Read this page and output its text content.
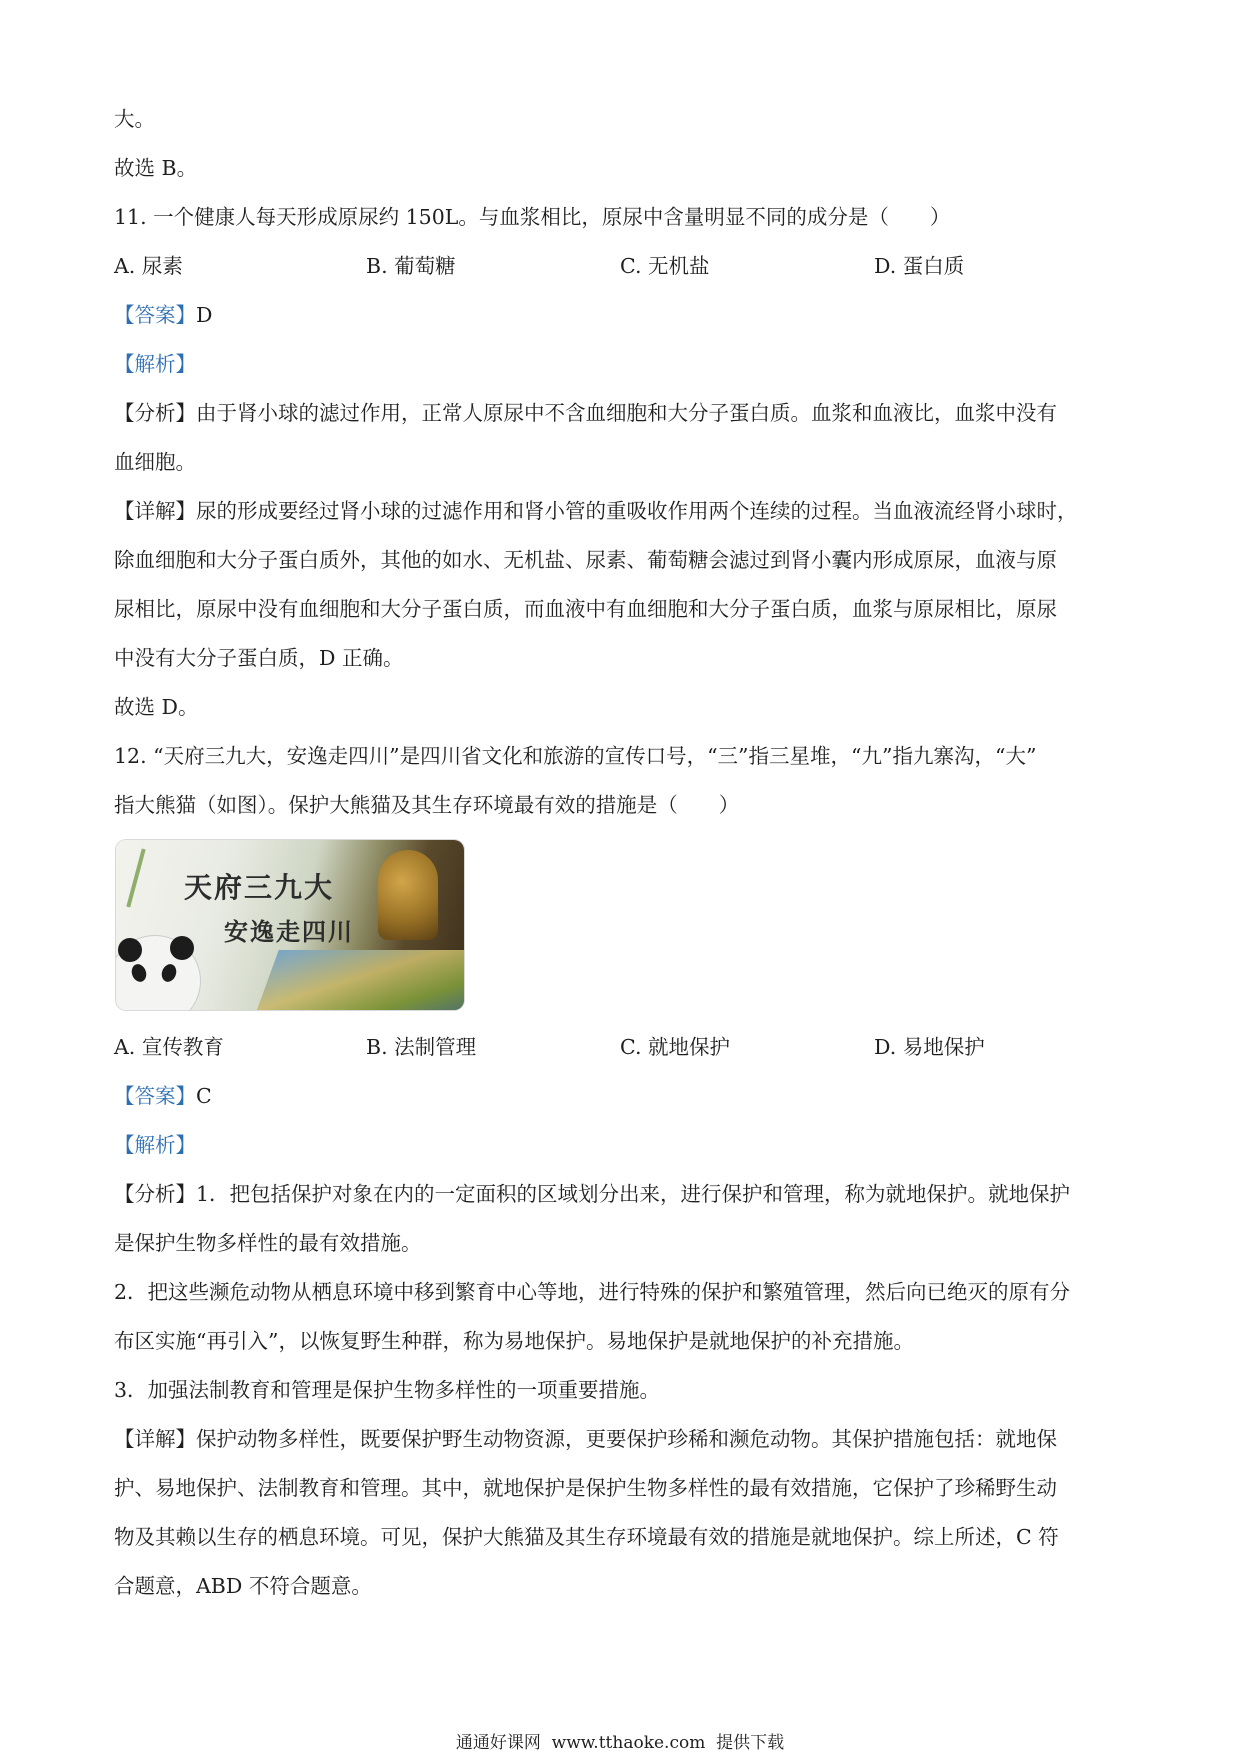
大。
故选 B。
11. 一个健康人每天形成原尿约 150L。与血浆相比，原尿中含量明显不同的成分是（　　）
A. 尿素	B. 葡萄糖	C. 无机盐	D. 蛋白质
【答案】D
【解析】
【分析】由于肾小球的滤过作用，正常人原尿中不含血细胞和大分子蛋白质。血浆和血液比，血浆中没有
血细胞。
【详解】尿的形成要经过肾小球的过滤作用和肾小管的重吸收作用两个连续的过程。当血液流经肾小球时，
除血细胞和大分子蛋白质外，其他的如水、无机盐、尿素、葡萄糖会滤过到肾小囊内形成原尿，血液与原
尿相比，原尿中没有血细胞和大分子蛋白质，而血液中有血细胞和大分子蛋白质，血浆与原尿相比，原尿
中没有大分子蛋白质，D 正确。
故选 D。
12. “天府三九大，安逸走四川”是四川省文化和旅游的宣传口号，“三”指三星堆，“九”指九寨沟，“大”
指大熊猫（如图）。保护大熊猫及其生存环境最有效的措施是（　　）
天府三九大
安逸走四川
A. 宣传教育	B. 法制管理	C. 就地保护	D. 易地保护
【答案】C
【解析】
【分析】1．把包括保护对象在内的一定面积的区域划分出来，进行保护和管理，称为就地保护。就地保护
是保护生物多样性的最有效措施。
2．把这些濒危动物从栖息环境中移到繁育中心等地，进行特殊的保护和繁殖管理，然后向已绝灭的原有分
布区实施“再引入”，以恢复野生种群，称为易地保护。易地保护是就地保护的补充措施。
3．加强法制教育和管理是保护生物多样性的一项重要措施。
【详解】保护动物多样性，既要保护野生动物资源，更要保护珍稀和濒危动物。其保护措施包括：就地保
护、易地保护、法制教育和管理。其中，就地保护是保护生物多样性的最有效措施，它保护了珍稀野生动
物及其赖以生存的栖息环境。可见，保护大熊猫及其生存环境最有效的措施是就地保护。综上所述，C 符
合题意，ABD 不符合题意。
通通好课网  www.tthaoke.com  提供下载
